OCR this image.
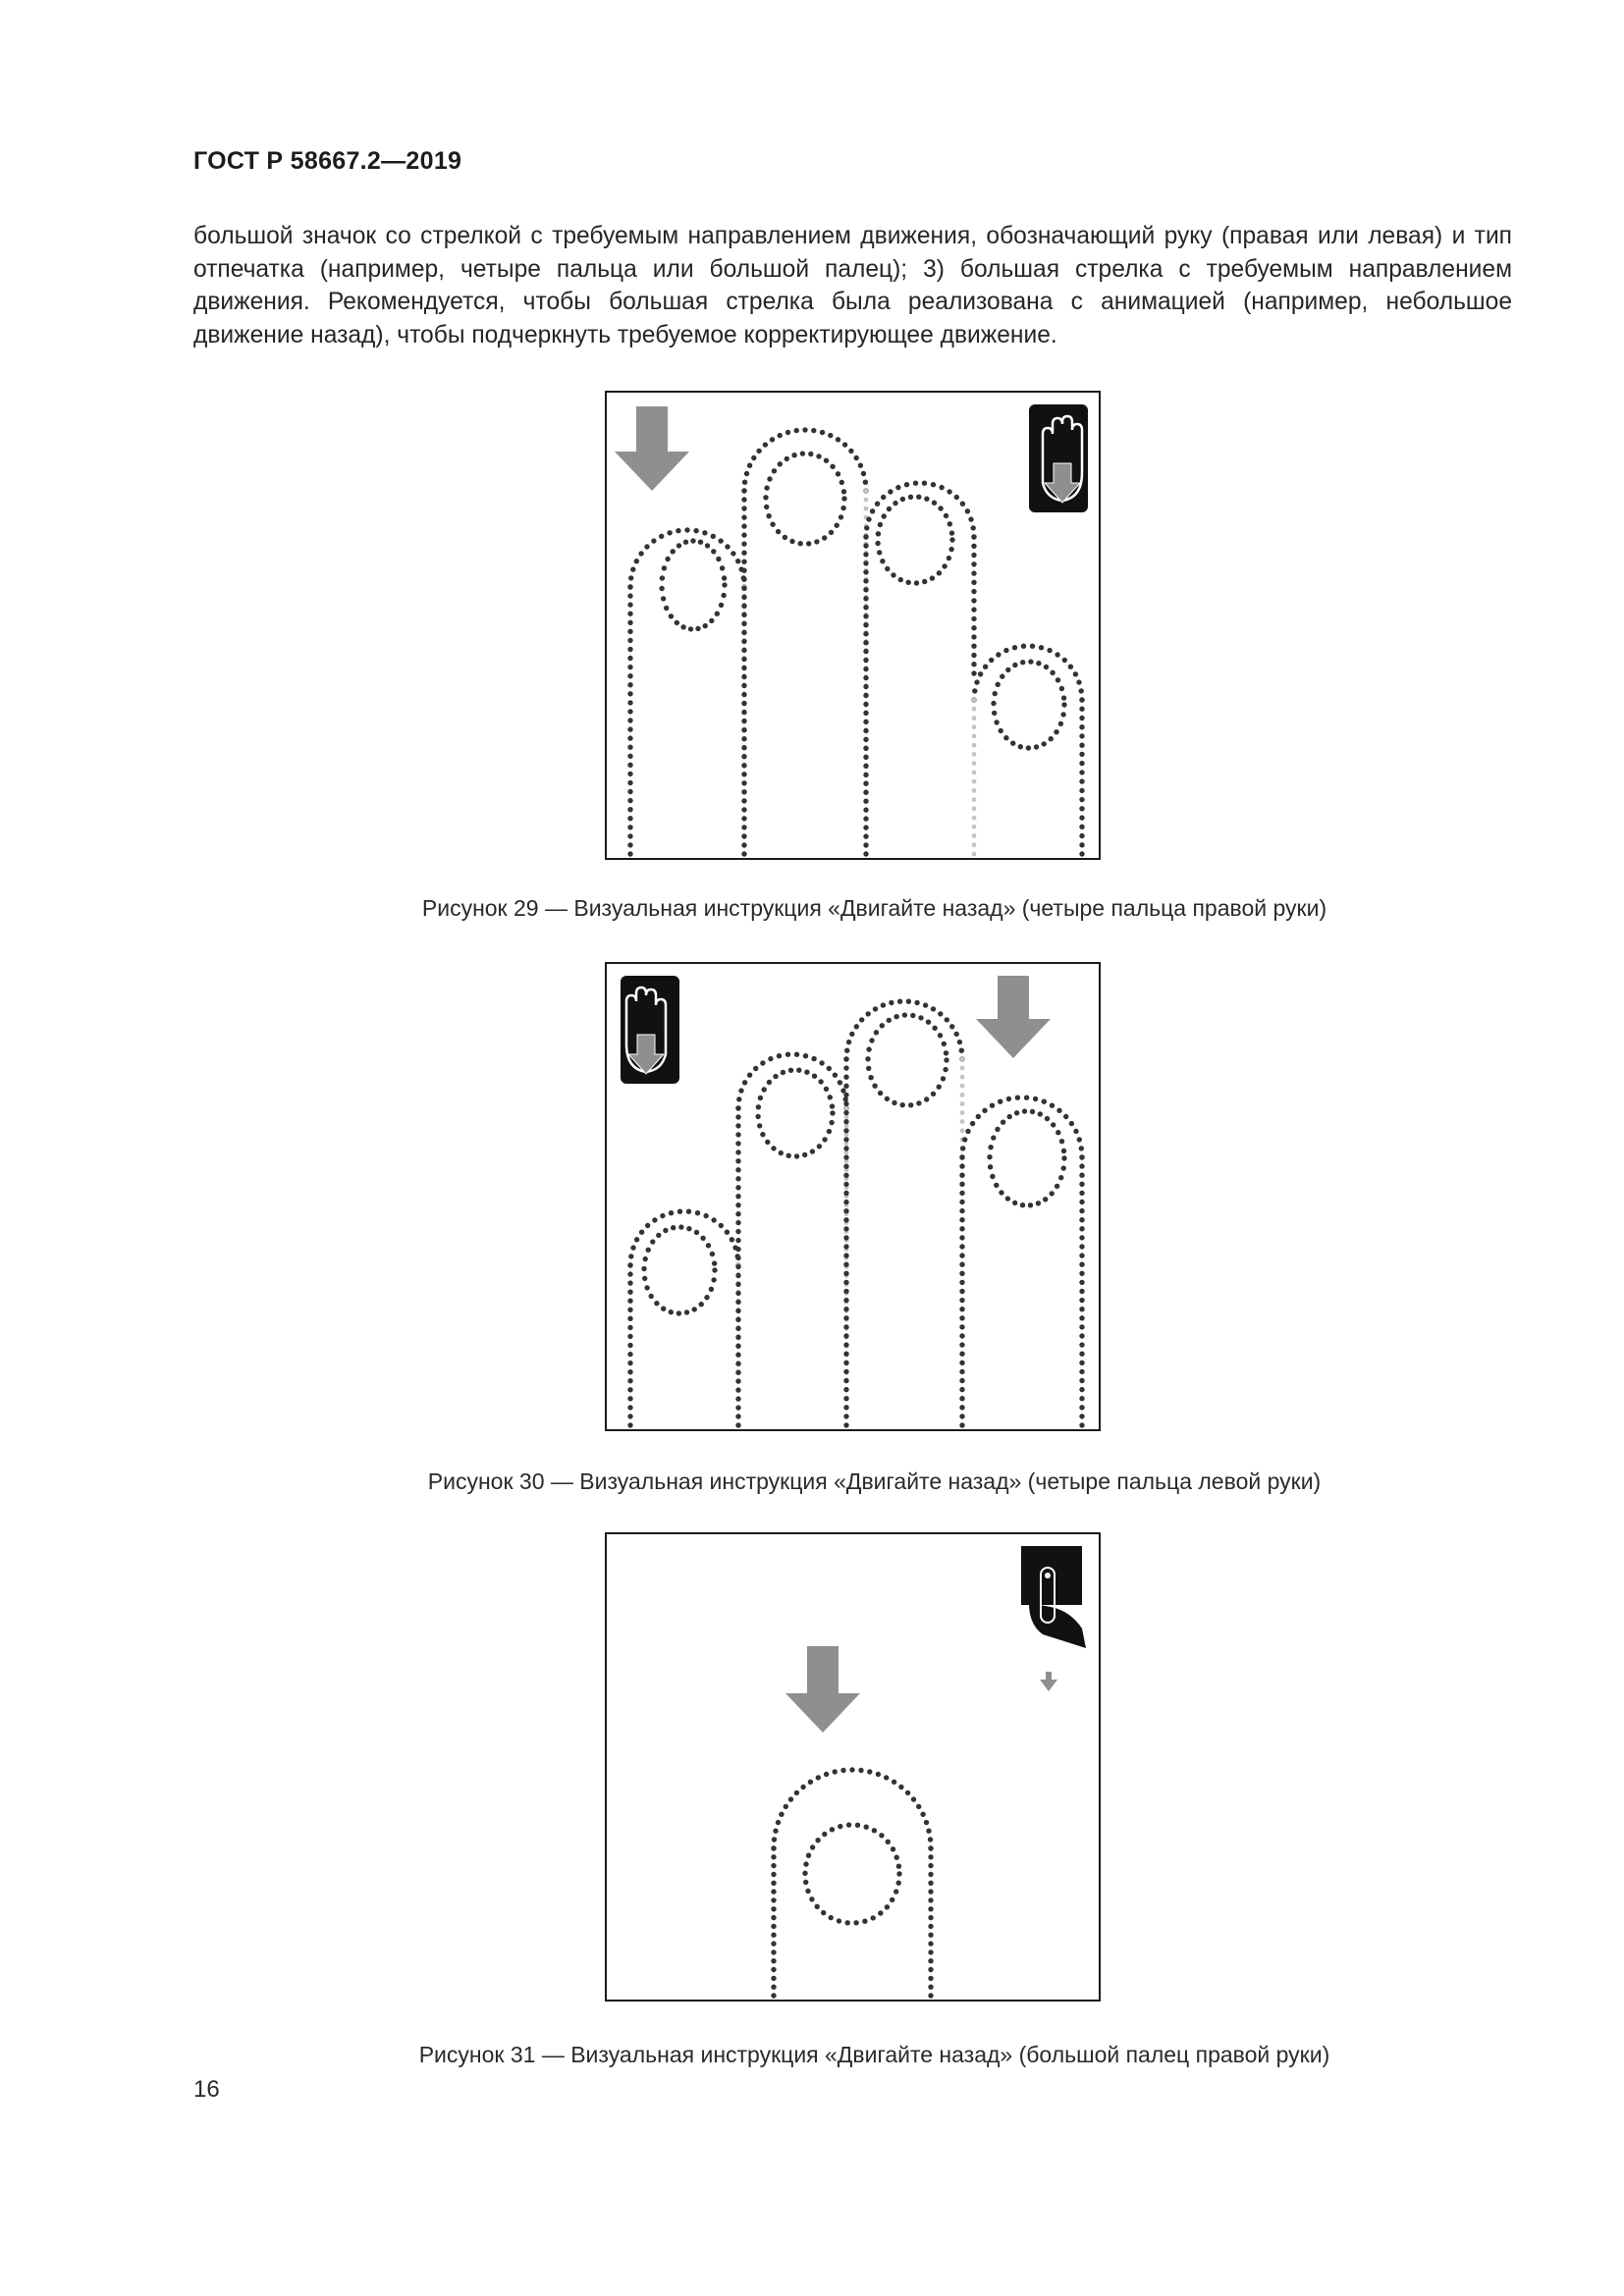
ГОСТ Р 58667.2—2019
большой значок со стрелкой с требуемым направлением движения, обозначающий руку (правая или левая) и тип отпечатка (например, четыре пальца или большой палец); 3) большая стрелка с требуемым направлением движения. Рекомендуется, чтобы большая стрелка была реализована с анимацией (например, небольшое движение назад), чтобы подчеркнуть требуемое корректирующее движение.
Рисунок 29 — Визуальная инструкция «Двигайте назад» (четыре пальца правой руки)
Рисунок 30 — Визуальная инструкция «Двигайте назад» (четыре пальца левой руки)
Рисунок 31 — Визуальная инструкция «Двигайте назад» (большой палец правой руки)
16
